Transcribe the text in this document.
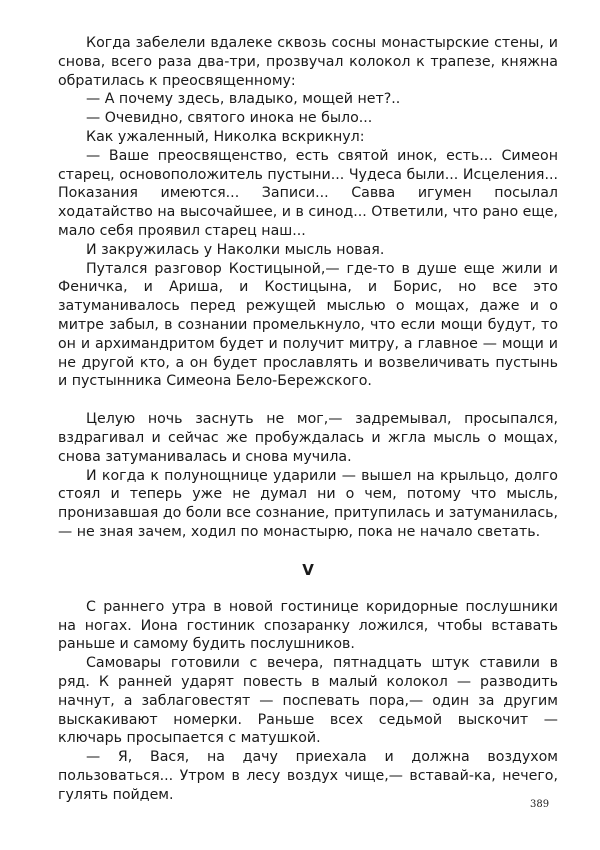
Когда забелели вдалеке сквозь сосны монастырские стены, и снова, всего раза два-три, прозвучал колокол к трапезе, княжна обратилась к преосвященному:

— А почему здесь, владыко, мощей нет?..

— Очевидно, святого инока не было...

Как ужаленный, Николка вскрикнул:

— Ваше преосвященство, есть святой инок, есть... Симеон старец, основоположитель пустыни... Чудеса были... Исцеления... Показания имеются... Записи... Савва игумен посылал ходатайство на высочайшее, и в синод... Ответили, что рано еще, мало себя проявил старец наш...

И закружилась у Наколки мысль новая.

Путался разговор Костицыной,— где-то в душе еще жили и Феничка, и Ариша, и Костицына, и Борис, но все это затуманивалось перед режущей мыслью о мощах, даже и о митре забыл, в сознании промелькнуло, что если мощи будут, то он и архимандритом будет и получит митру, а главное — мощи и не другой кто, а он будет прославлять и возвеличивать пустынь и пустынника Симеона Бело-Бережского.

Целую ночь заснуть не мог,— задремывал, просыпался, вздрагивал и сейчас же пробуждалась и жгла мысль о мощах, снова затуманивалась и снова мучила.

И когда к полунощнице ударили — вышел на крыльцо, долго стоял и теперь уже не думал ни о чем, потому что мысль, пронизавшая до боли все сознание, притупилась и затуманилась,— не зная зачем, ходил по монастырю, пока не начало светать.

V

С раннего утра в новой гостинице коридорные послушники на ногах. Иона гостиник спозаранку ложился, чтобы вставать раньше и самому будить послушников.

Самовары готовили с вечера, пятнадцать штук ставили в ряд. К ранней ударят повесть в малый колокол — разводить начнут, а заблаговестят — поспевать пора,— один за другим выскакивают номерки. Раньше всех седьмой выскочит — ключарь просыпается с матушкой.

— Я, Вася, на дачу приехала и должна воздухом пользоваться... Утром в лесу воздух чище,— вставай-ка, нечего, гулять пойдем.

389
